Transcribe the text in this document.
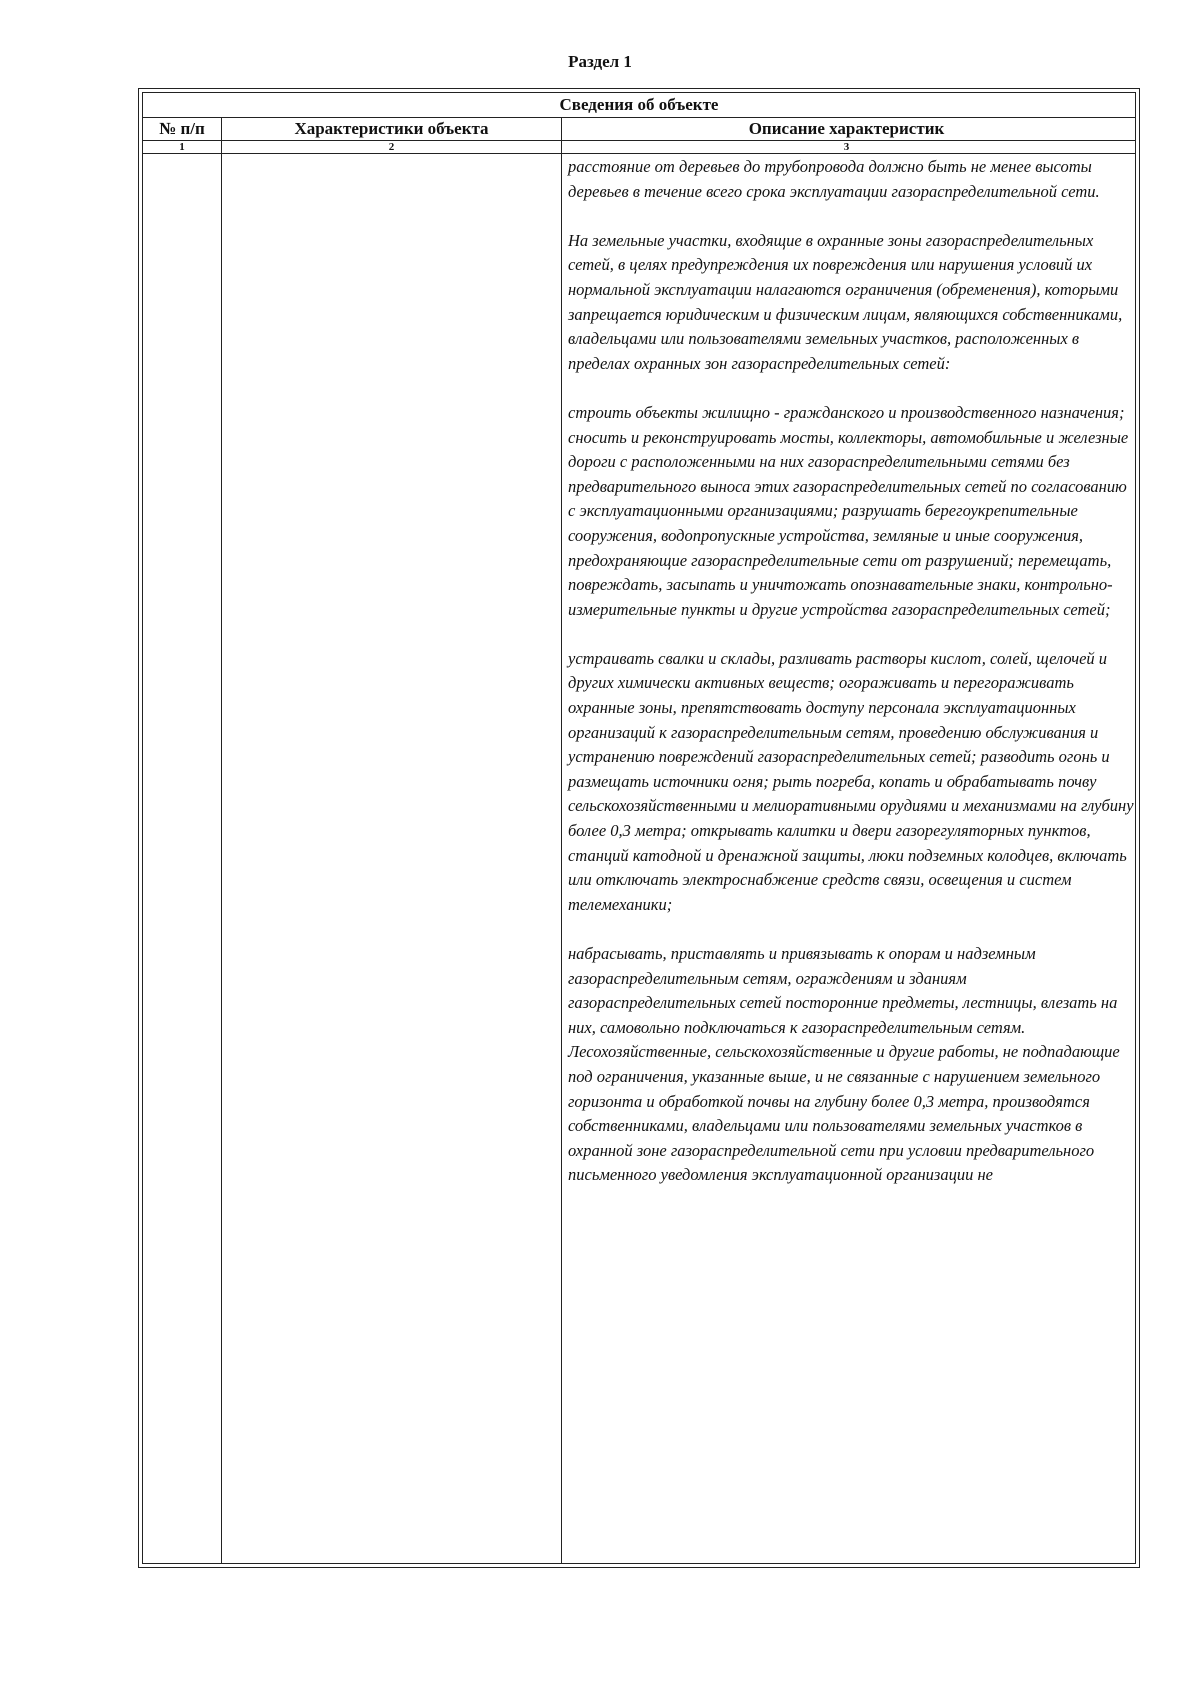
Раздел 1
Сведения об объекте
№ п/п	Характеристики объекта	Описание характеристик
1	2	3

расстояние от деревьев до трубопровода должно быть не менее высоты деревьев в течение всего срока эксплуатации газораспределительной сети.

На земельные участки, входящие в охранные зоны газораспределительных сетей, в целях предупреждения их повреждения или нарушения условий их нормальной эксплуатации налагаются ограничения (обременения), которыми запрещается юридическим и физическим лицам, являющихся собственниками, владельцами или пользователями земельных участков, расположенных в пределах охранных зон газораспределительных сетей:

строить объекты жилищно - гражданского и производственного назначения; сносить и реконструировать мосты, коллекторы, автомобильные и железные дороги с расположенными на них газораспределительными сетями без предварительного выноса этих газораспределительных сетей по согласованию с эксплуатационными организациями; разрушать берегоукрепительные сооружения, водопропускные устройства, земляные и иные сооружения, предохраняющие газораспределительные сети от разрушений; перемещать, повреждать, засыпать и уничтожать опознавательные знаки, контрольно-измерительные пункты и другие устройства газораспределительных сетей;

устраивать свалки и склады, разливать растворы кислот, солей, щелочей и других химически активных веществ; огораживать и перегораживать охранные зоны, препятствовать доступу персонала эксплуатационных организаций к газораспределительным сетям, проведению обслуживания и устранению повреждений газораспределительных сетей; разводить огонь и размещать источники огня; рыть погреба, копать и обрабатывать почву сельскохозяйственными и мелиоративными орудиями и механизмами на глубину более 0,3 метра; открывать калитки и двери газорегуляторных пунктов, станций катодной и дренажной защиты, люки подземных колодцев, включать или отключать электроснабжение средств связи, освещения и систем телемеханики;

набрасывать, приставлять и привязывать к опорам и надземным газораспределительным сетям, ограждениям и зданиям газораспределительных сетей посторонние предметы, лестницы, влезать на них, самовольно подключаться к газораспределительным сетям. Лесохозяйственные, сельскохозяйственные и другие работы, не подпадающие под ограничения, указанные выше, и не связанные с нарушением земельного горизонта и обработкой почвы на глубину более 0,3 метра, производятся собственниками, владельцами или пользователями земельных участков в охранной зоне газораспределительной сети при условии предварительного письменного уведомления эксплуатационной организации не
